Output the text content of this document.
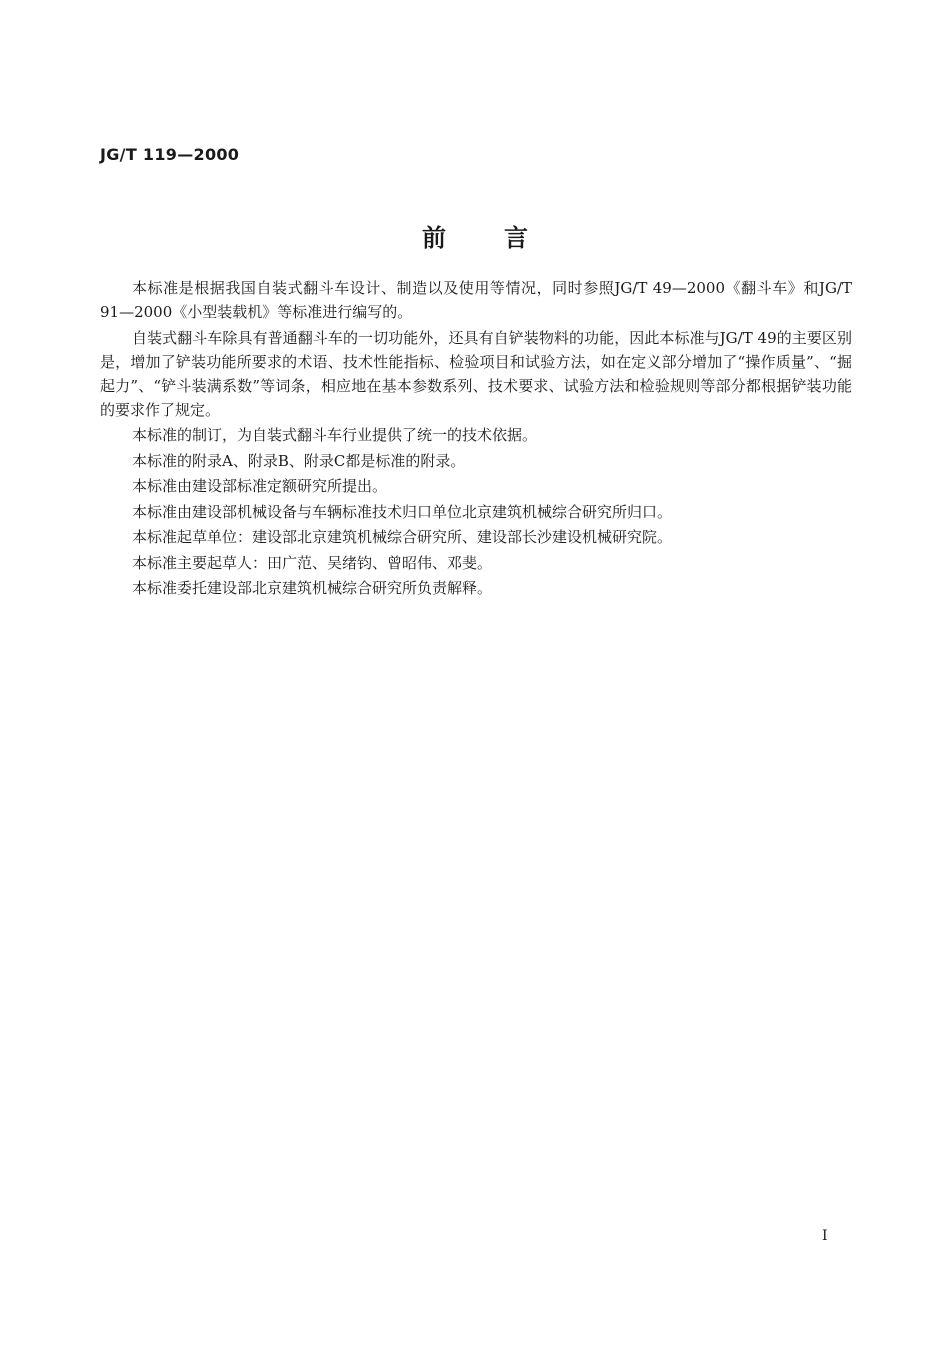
JG/T 119—2000
前言

本标准是根据我国自装式翻斗车设计、制造以及使用等情况，同时参照JG/T 49—2000《翻斗车》和JG/T 91—2000《小型装载机》等标准进行编写的。

自装式翻斗车除具有普通翻斗车的一切功能外，还具有自铲装物料的功能，因此本标准与JG/T 49的主要区别是，增加了铲装功能所要求的术语、技术性能指标、检验项目和试验方法，如在定义部分增加了“操作质量”、“掘起力”、“铲斗装满系数”等词条，相应地在基本参数系列、技术要求、试验方法和检验规则等部分都根据铲装功能的要求作了规定。

本标准的制订，为自装式翻斗车行业提供了统一的技术依据。

本标准的附录A、附录B、附录C都是标准的附录。

本标准由建设部标准定额研究所提出。

本标准由建设部机械设备与车辆标准技术归口单位北京建筑机械综合研究所归口。

本标准起草单位：建设部北京建筑机械综合研究所、建设部长沙建设机械研究院。

本标准主要起草人：田广范、吴绪钧、曾昭伟、邓斐。

本标准委托建设部北京建筑机械综合研究所负责解释。

I
